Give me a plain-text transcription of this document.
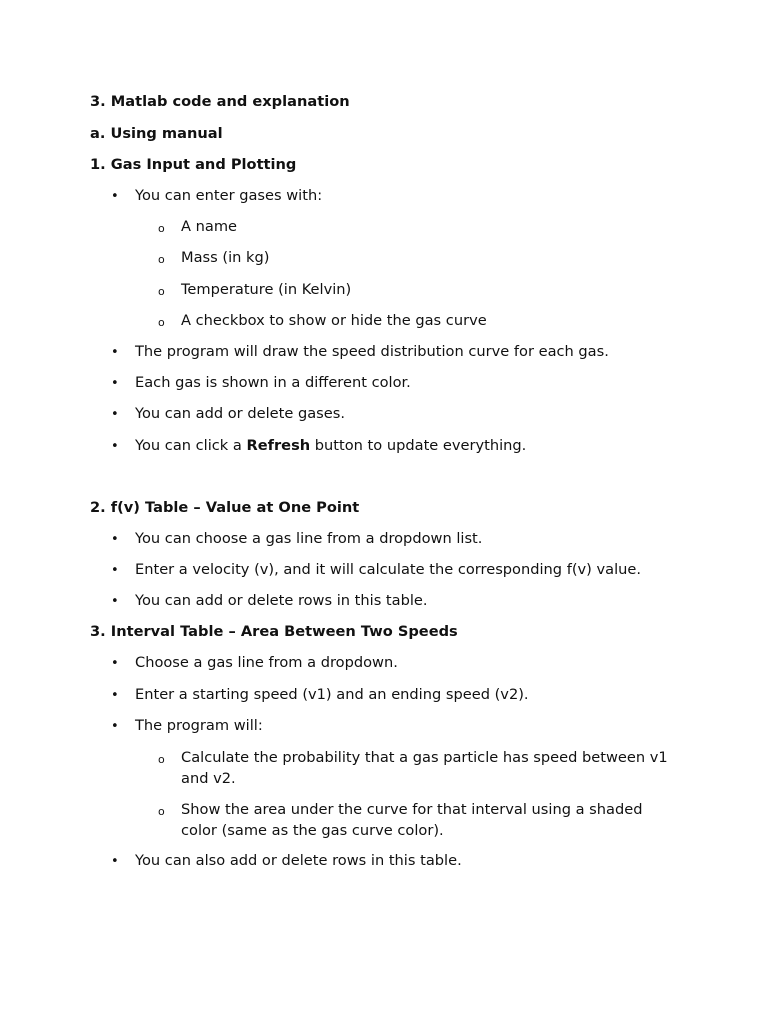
3. Matlab code and explanation
a. Using manual
1. Gas Input and Plotting
• You can enter gases with:
o A name
o Mass (in kg)
o Temperature (in Kelvin)
o A checkbox to show or hide the gas curve
• The program will draw the speed distribution curve for each gas.
• Each gas is shown in a different color.
• You can add or delete gases.
• You can click a Refresh button to update everything.
2. f(v) Table – Value at One Point
• You can choose a gas line from a dropdown list.
• Enter a velocity (v), and it will calculate the corresponding f(v) value.
• You can add or delete rows in this table.
3. Interval Table – Area Between Two Speeds
• Choose a gas line from a dropdown.
• Enter a starting speed (v1) and an ending speed (v2).
• The program will:
o Calculate the probability that a gas particle has speed between v1 and v2.
o Show the area under the curve for that interval using a shaded color (same as the gas curve color).
• You can also add or delete rows in this table.
